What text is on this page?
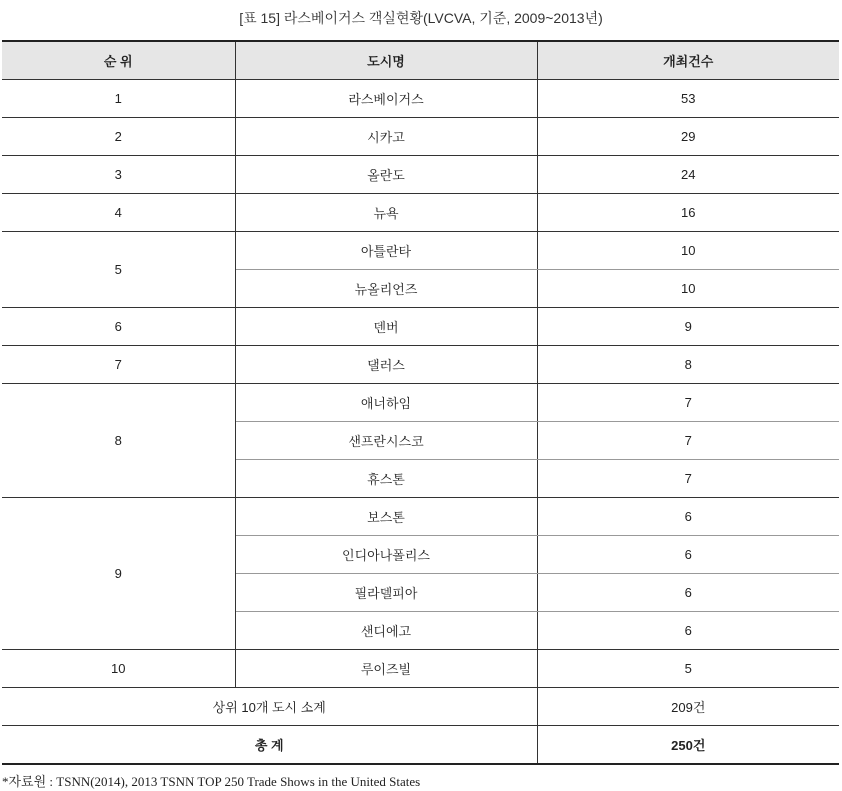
[표 15] 라스베이거스 객실현황(LVCVA, 기준, 2009~2013년)
순 위	도시명	개최건수
1	라스베이거스	53
2	시카고	29
3	올란도	24
4	뉴욕	16
5	아틀란타	10
	뉴올리언즈	10
6	덴버	9
7	댈러스	8
8	애너하임	7
	샌프란시스코	7
	휴스톤	7
9	보스톤	6
	인디아나폴리스	6
	필라델피아	6
	샌디에고	6
10	루이즈빌	5
상위 10개 도시 소계		209건
총 계		250건
*자료원 : TSNN(2014), 2013 TSNN TOP 250 Trade Shows in the United States
